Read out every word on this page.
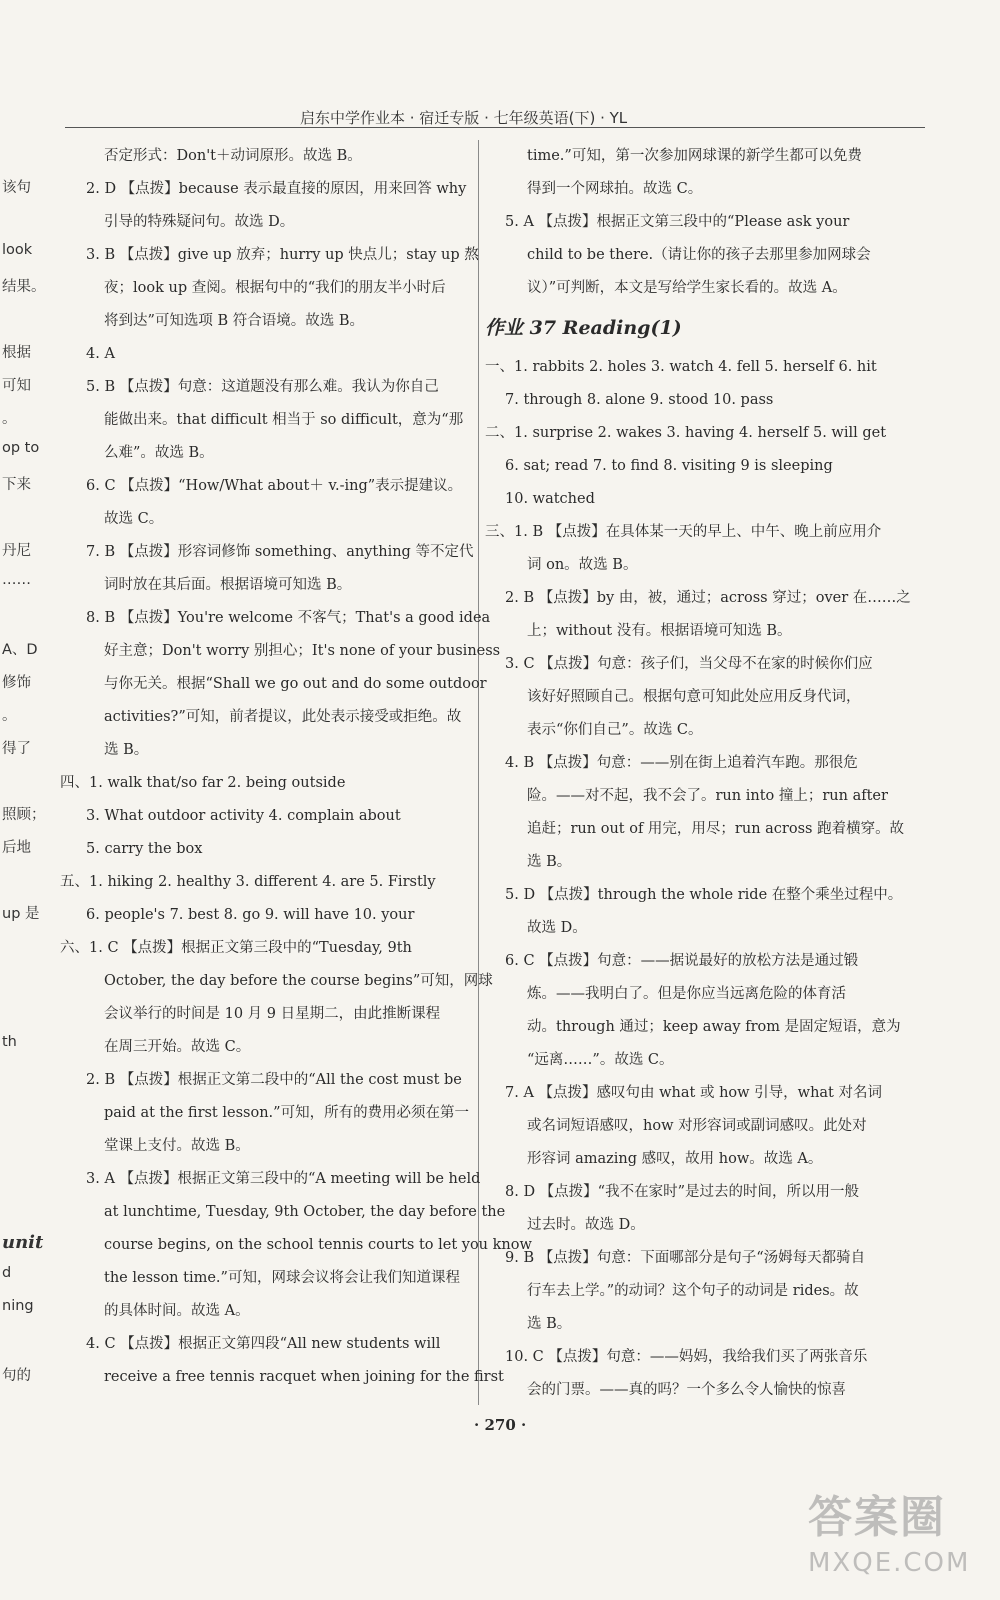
启东中学作业本 · 宿迁专版 · 七年级英语(下) · YL
该句
look
结果。
根据
可知
。
op to
下来
丹尼
……
A、D
修饰
。
得了
照顾；
后地
up 是
th
unit
d
ning
句的
否定形式：Don't＋动词原形。故选 B。
2. D 【点拨】because 表示最直接的原因，用来回答 why
引导的特殊疑问句。故选 D。
3. B 【点拨】give up 放弃；hurry up 快点儿；stay up 熬
夜；look up 查阅。根据句中的“我们的朋友半小时后
将到达”可知选项 B 符合语境。故选 B。
4. A
5. B 【点拨】句意：这道题没有那么难。我认为你自己
能做出来。that difficult 相当于 so difficult，意为“那
么难”。故选 B。
6. C 【点拨】“How/What about＋ v.-ing”表示提建议。
故选 C。
7. B 【点拨】形容词修饰 something、anything 等不定代
词时放在其后面。根据语境可知选 B。
8. B 【点拨】You're welcome 不客气；That's a good idea
好主意；Don't worry 别担心；It's none of your business
与你无关。根据“Shall we go out and do some outdoor
activities?”可知，前者提议，此处表示接受或拒绝。故
选 B。
四、1. walk that/so far 2. being outside
3. What outdoor activity 4. complain about
5. carry the box
五、1. hiking 2. healthy 3. different 4. are 5. Firstly
6. people's 7. best 8. go 9. will have 10. your
六、1. C 【点拨】根据正文第三段中的“Tuesday, 9th
October, the day before the course begins”可知，网球
会议举行的时间是 10 月 9 日星期二，由此推断课程
在周三开始。故选 C。
2. B 【点拨】根据正文第二段中的“All the cost must be
paid at the first lesson.”可知，所有的费用必须在第一
堂课上支付。故选 B。
3. A 【点拨】根据正文第三段中的“A meeting will be held
at lunchtime, Tuesday, 9th October, the day before the
course begins, on the school tennis courts to let you know
the lesson time.”可知，网球会议将会让我们知道课程
的具体时间。故选 A。
4. C 【点拨】根据正文第四段“All new students will
receive a free tennis racquet when joining for the first
time.”可知，第一次参加网球课的新学生都可以免费
得到一个网球拍。故选 C。
5. A 【点拨】根据正文第三段中的“Please ask your
child to be there.（请让你的孩子去那里参加网球会
议）”可判断，本文是写给学生家长看的。故选 A。
作业 37 Reading(1)
一、1. rabbits 2. holes 3. watch 4. fell 5. herself 6. hit
7. through 8. alone 9. stood 10. pass
二、1. surprise 2. wakes 3. having 4. herself 5. will get
6. sat; read 7. to find 8. visiting 9 is sleeping
10. watched
三、1. B 【点拨】在具体某一天的早上、中午、晚上前应用介
词 on。故选 B。
2. B 【点拨】by 由，被，通过；across 穿过；over 在……之
上；without 没有。根据语境可知选 B。
3. C 【点拨】句意：孩子们，当父母不在家的时候你们应
该好好照顾自己。根据句意可知此处应用反身代词，
表示“你们自己”。故选 C。
4. B 【点拨】句意：——别在街上追着汽车跑。那很危
险。——对不起，我不会了。run into 撞上；run after
追赶；run out of 用完，用尽；run across 跑着横穿。故
选 B。
5. D 【点拨】through the whole ride 在整个乘坐过程中。
故选 D。
6. C 【点拨】句意：——据说最好的放松方法是通过锻
炼。——我明白了。但是你应当远离危险的体育活
动。through 通过；keep away from 是固定短语，意为
“远离……”。故选 C。
7. A 【点拨】感叹句由 what 或 how 引导，what 对名词
或名词短语感叹，how 对形容词或副词感叹。此处对
形容词 amazing 感叹，故用 how。故选 A。
8. D 【点拨】“我不在家时”是过去的时间，所以用一般
过去时。故选 D。
9. B 【点拨】句意：下面哪部分是句子“汤姆每天都骑自
行车去上学。”的动词？这个句子的动词是 rides。故
选 B。
10. C 【点拨】句意：——妈妈，我给我们买了两张音乐
会的门票。——真的吗？一个多么令人愉快的惊喜
· 270 ·
答案圈
MXQE.COM
